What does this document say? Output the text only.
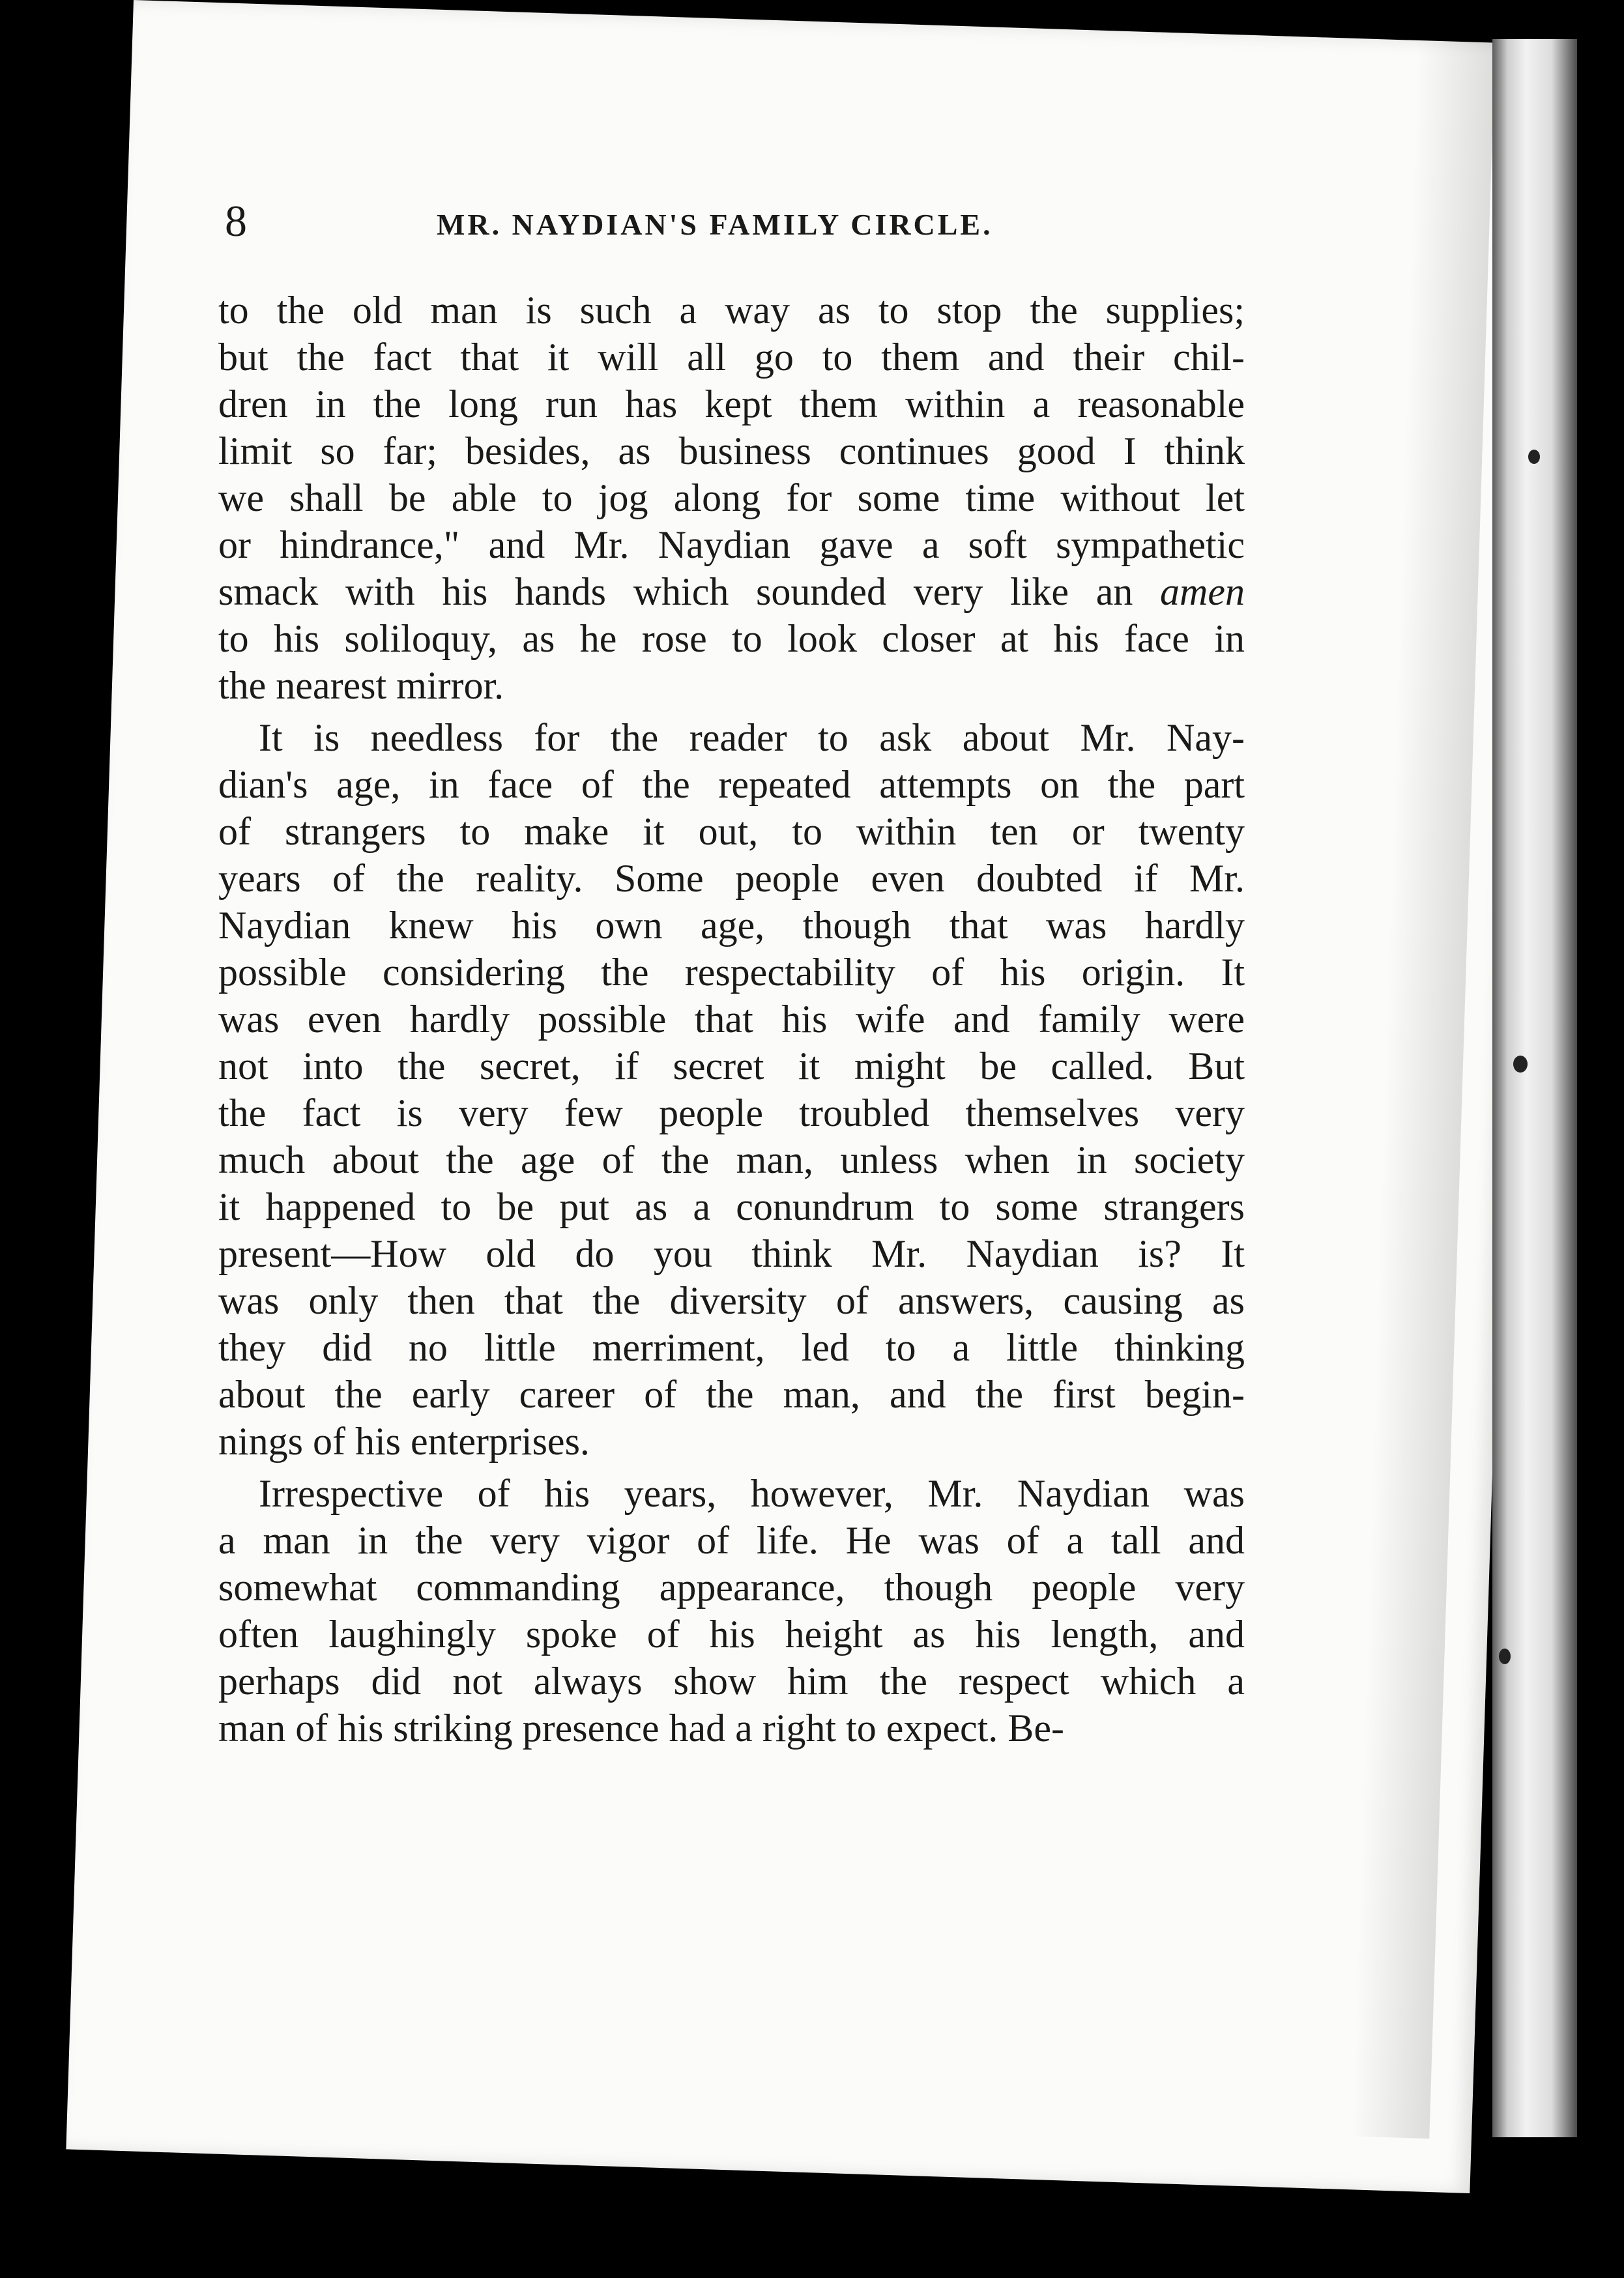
8	MR. NAYDIAN'S FAMILY CIRCLE.
to the old man is such a way as to stop the supplies;
but the fact that it will all go to them and their chil-
dren in the long run has kept them within a reasonable
limit so far; besides, as business continues good I think
we shall be able to jog along for some time without let
or hindrance," and Mr. Naydian gave a soft sympathetic
smack with his hands which sounded very like an amen
to his soliloquy, as he rose to look closer at his face in
the nearest mirror.
It is needless for the reader to ask about Mr. Nay-
dian's age, in face of the repeated attempts on the part
of strangers to make it out, to within ten or twenty
years of the reality. Some people even doubted if Mr.
Naydian knew his own age, though that was hardly
possible considering the respectability of his origin. It
was even hardly possible that his wife and family were
not into the secret, if secret it might be called. But
the fact is very few people troubled themselves very
much about the age of the man, unless when in society
it happened to be put as a conundrum to some strangers
present—How old do you think Mr. Naydian is? It
was only then that the diversity of answers, causing as
they did no little merriment, led to a little thinking
about the early career of the man, and the first begin-
nings of his enterprises.
Irrespective of his years, however, Mr. Naydian was
a man in the very vigor of life. He was of a tall and
somewhat commanding appearance, though people very
often laughingly spoke of his height as his length, and
perhaps did not always show him the respect which a
man of his striking presence had a right to expect. Be-
